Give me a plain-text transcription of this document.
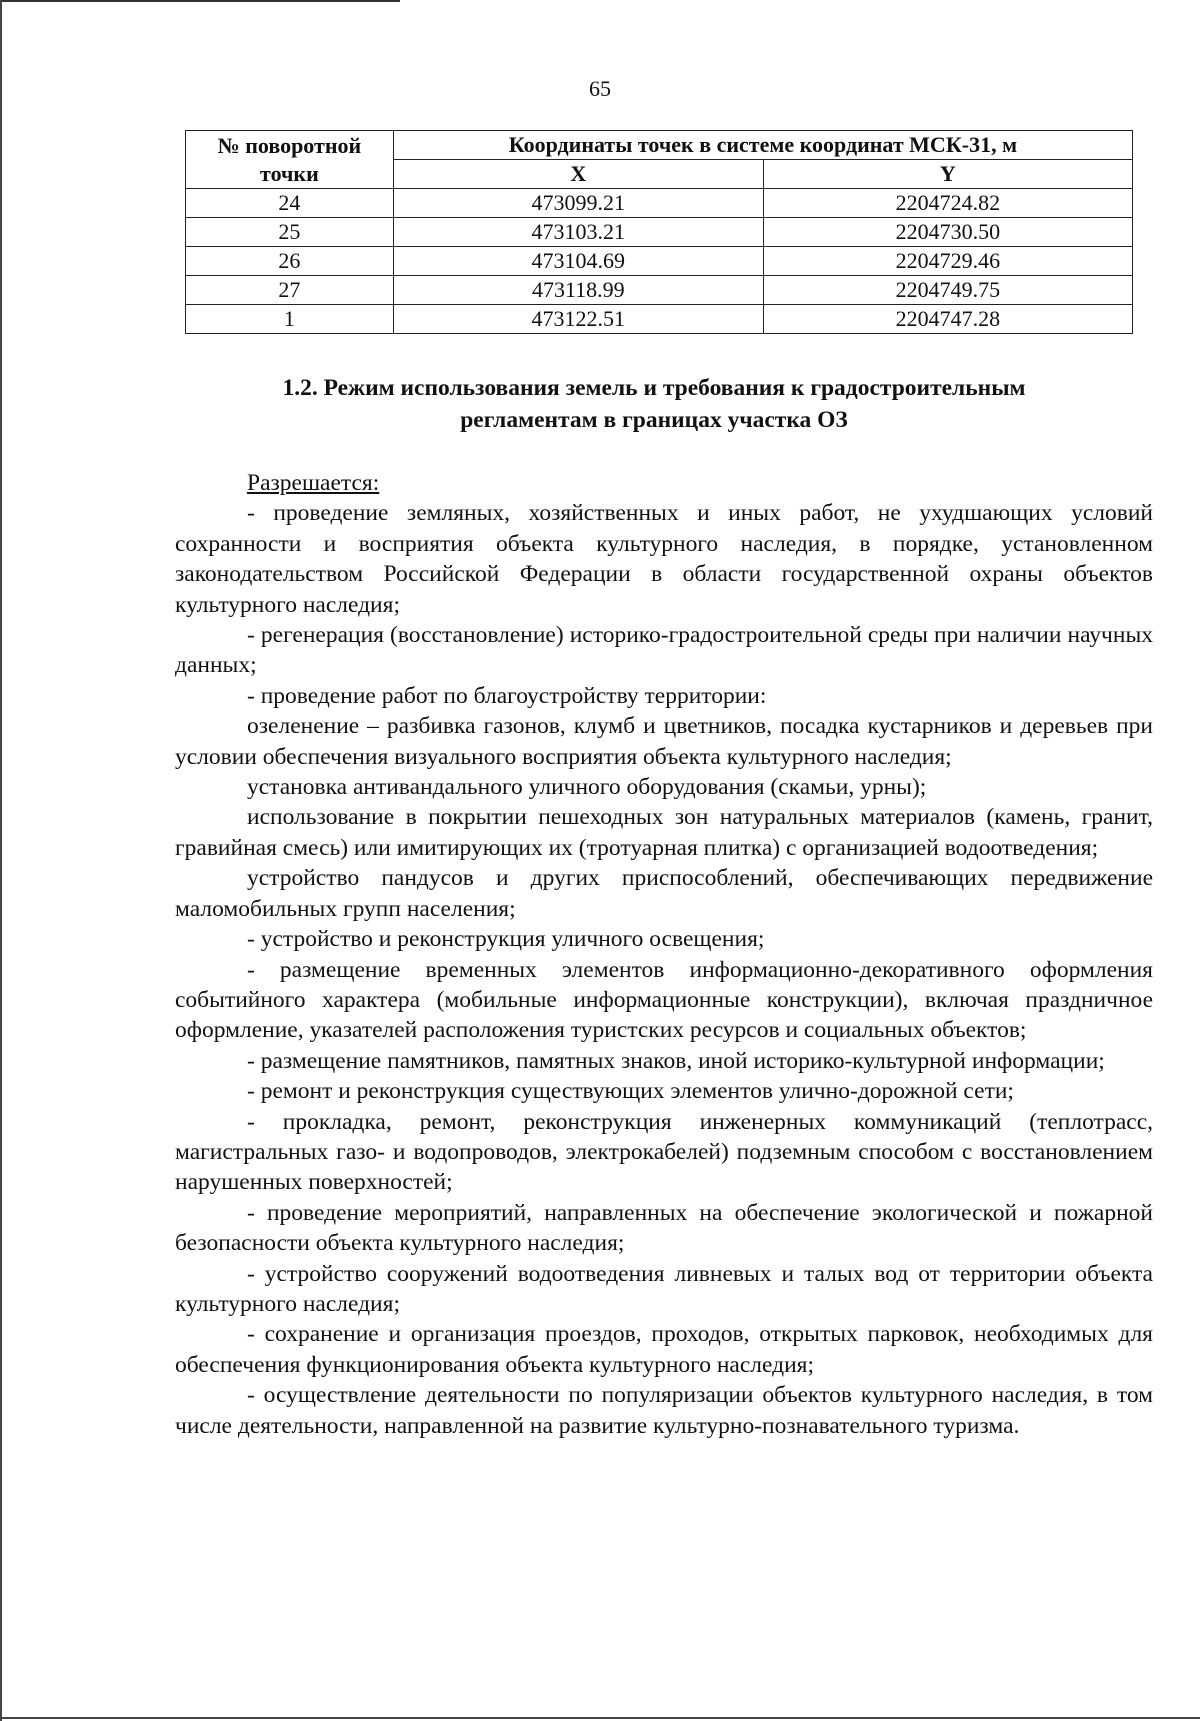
65
№ поворотной точки	Координаты точек в системе координат МСК-31, м	
	X	Y
24	473099.21	2204724.82
25	473103.21	2204730.50
26	473104.69	2204729.46
27	473118.99	2204749.75
1	473122.51	2204747.28
1.2. Режим использования земель и требования к градостроительным
регламентам в границах участка ОЗ

Разрешается:

- проведение земляных, хозяйственных и иных работ, не ухудшающих условий сохранности и восприятия объекта культурного наследия, в порядке, установленном законодательством Российской Федерации в области государственной охраны объектов культурного наследия;

- регенерация (восстановление) историко-градостроительной среды при наличии научных данных;

- проведение работ по благоустройству территории:

озеленение – разбивка газонов, клумб и цветников, посадка кустарников и деревьев при условии обеспечения визуального восприятия объекта культурного наследия;

установка антивандального уличного оборудования (скамьи, урны);

использование в покрытии пешеходных зон натуральных материалов (камень, гранит, гравийная смесь) или имитирующих их (тротуарная плитка) с организацией водоотведения;

устройство пандусов и других приспособлений, обеспечивающих передвижение маломобильных групп населения;

- устройство и реконструкция уличного освещения;

- размещение временных элементов информационно-декоративного оформления событийного характера (мобильные информационные конструкции), включая праздничное оформление, указателей расположения туристских ресурсов и социальных объектов;

- размещение памятников, памятных знаков, иной историко-культурной информации;

- ремонт и реконструкция существующих элементов улично-дорожной сети;

- прокладка, ремонт, реконструкция инженерных коммуникаций (теплотрасс, магистральных газо- и водопроводов, электрокабелей) подземным способом с восстановлением нарушенных поверхностей;

- проведение мероприятий, направленных на обеспечение экологической и пожарной безопасности объекта культурного наследия;

- устройство сооружений водоотведения ливневых и талых вод от территории объекта культурного наследия;

- сохранение и организация проездов, проходов, открытых парковок, необходимых для обеспечения функционирования объекта культурного наследия;

- осуществление деятельности по популяризации объектов культурного наследия, в том числе деятельности, направленной на развитие культурно-познавательного туризма.
